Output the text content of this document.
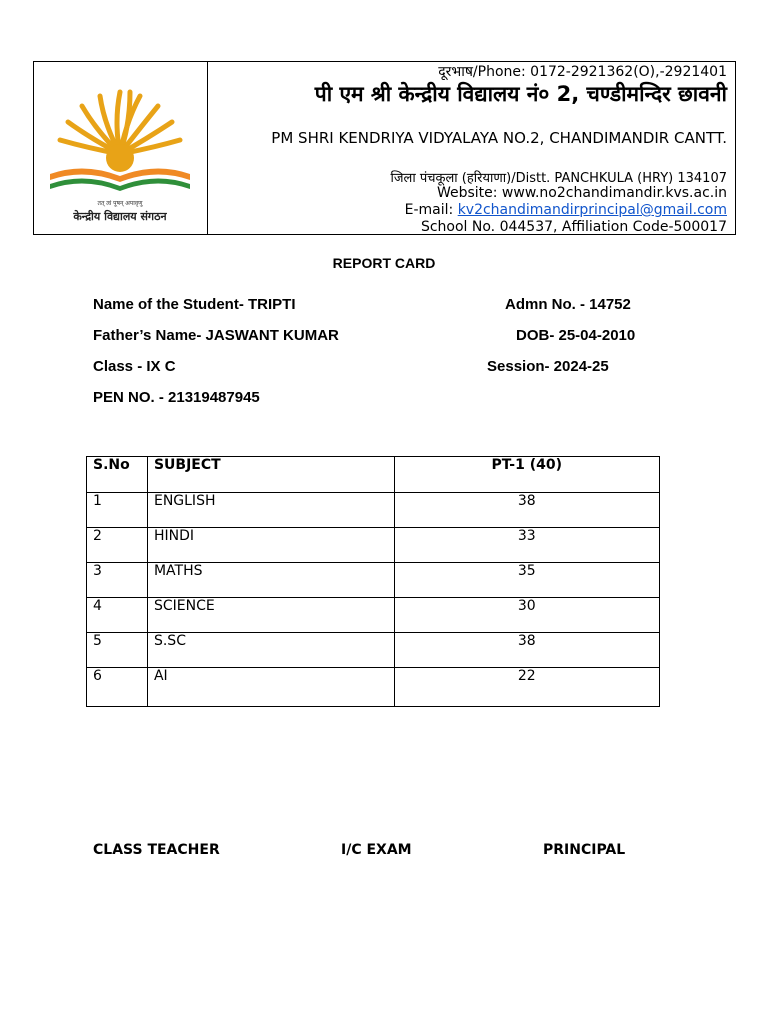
तत् त्वं पूषन् अपावृणु
केन्द्रीय विद्यालय संगठन
दूरभाष/Phone: 0172-2921362(O),-2921401
पी एम श्री केन्द्रीय विद्यालय नं० 2, चण्डीमन्दिर छावनी
PM SHRI KENDRIYA VIDYALAYA NO.2, CHANDIMANDIR CANTT.
जिला पंचकूला (हरियाणा)/Distt. PANCHKULA (HRY) 134107
Website: www.no2chandimandir.kvs.ac.in
E-mail: kv2chandimandirprincipal@gmail.com
School No. 044537, Affiliation Code-500017
REPORT CARD
Name of the Student- TRIPTI	Admn No. - 14752
Father’s Name- JASWANT KUMAR	DOB- 25-04-2010
Class - IX C	Session- 2024-25
PEN NO. - 21319487945
S.No	SUBJECT	PT-1 (40)
1	ENGLISH	38
2	HINDI	33
3	MATHS	35
4	SCIENCE	30
5	S.SC	38
6	AI	22
CLASS TEACHER	I/C EXAM	PRINCIPAL
